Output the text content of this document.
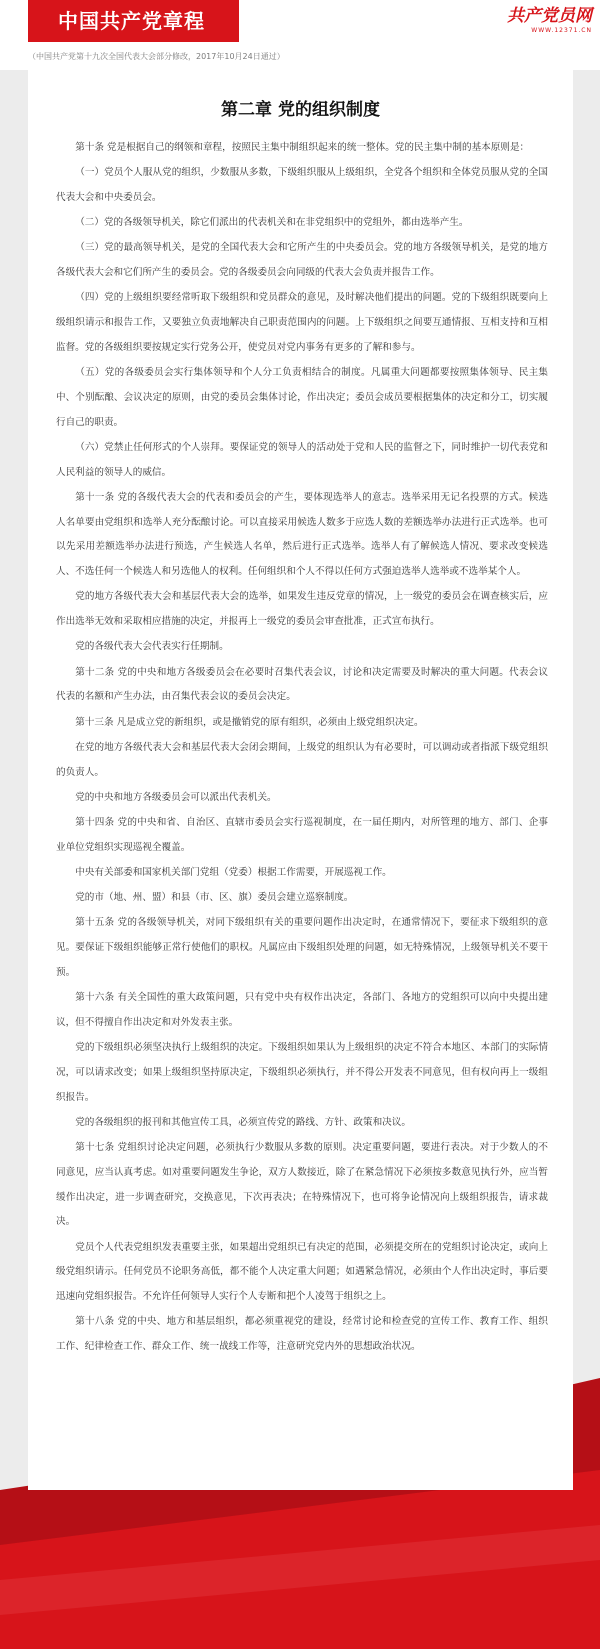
中国共产党章程

（中国共产党第十九次全国代表大会部分修改，2017年10月24日通过）

共产党员网
WWW.12371.CN
第二章 党的组织制度

第十条 党是根据自己的纲领和章程，按照民主集中制组织起来的统一整体。党的民主集中制的基本原则是：

（一）党员个人服从党的组织，少数服从多数，下级组织服从上级组织，全党各个组织和全体党员服从党的全国代表大会和中央委员会。

（二）党的各级领导机关，除它们派出的代表机关和在非党组织中的党组外，都由选举产生。

（三）党的最高领导机关，是党的全国代表大会和它所产生的中央委员会。党的地方各级领导机关，是党的地方各级代表大会和它们所产生的委员会。党的各级委员会向同级的代表大会负责并报告工作。

（四）党的上级组织要经常听取下级组织和党员群众的意见，及时解决他们提出的问题。党的下级组织既要向上级组织请示和报告工作，又要独立负责地解决自己职责范围内的问题。上下级组织之间要互通情报、互相支持和互相监督。党的各级组织要按规定实行党务公开，使党员对党内事务有更多的了解和参与。

（五）党的各级委员会实行集体领导和个人分工负责相结合的制度。凡属重大问题都要按照集体领导、民主集中、个别酝酿、会议决定的原则，由党的委员会集体讨论，作出决定；委员会成员要根据集体的决定和分工，切实履行自己的职责。

（六）党禁止任何形式的个人崇拜。要保证党的领导人的活动处于党和人民的监督之下，同时维护一切代表党和人民利益的领导人的威信。

第十一条 党的各级代表大会的代表和委员会的产生，要体现选举人的意志。选举采用无记名投票的方式。候选人名单要由党组织和选举人充分酝酿讨论。可以直接采用候选人数多于应选人数的差额选举办法进行正式选举。也可以先采用差额选举办法进行预选，产生候选人名单，然后进行正式选举。选举人有了解候选人情况、要求改变候选人、不选任何一个候选人和另选他人的权利。任何组织和个人不得以任何方式强迫选举人选举或不选举某个人。

党的地方各级代表大会和基层代表大会的选举，如果发生违反党章的情况，上一级党的委员会在调查核实后，应作出选举无效和采取相应措施的决定，并报再上一级党的委员会审查批准，正式宣布执行。

党的各级代表大会代表实行任期制。

第十二条 党的中央和地方各级委员会在必要时召集代表会议，讨论和决定需要及时解决的重大问题。代表会议代表的名额和产生办法，由召集代表会议的委员会决定。

第十三条 凡是成立党的新组织，或是撤销党的原有组织，必须由上级党组织决定。

在党的地方各级代表大会和基层代表大会闭会期间，上级党的组织认为有必要时，可以调动或者指派下级党组织的负责人。

党的中央和地方各级委员会可以派出代表机关。

第十四条 党的中央和省、自治区、直辖市委员会实行巡视制度，在一届任期内，对所管理的地方、部门、企事业单位党组织实现巡视全覆盖。

中央有关部委和国家机关部门党组（党委）根据工作需要，开展巡视工作。

党的市（地、州、盟）和县（市、区、旗）委员会建立巡察制度。

第十五条 党的各级领导机关，对同下级组织有关的重要问题作出决定时，在通常情况下，要征求下级组织的意见。要保证下级组织能够正常行使他们的职权。凡属应由下级组织处理的问题，如无特殊情况，上级领导机关不要干预。

第十六条 有关全国性的重大政策问题，只有党中央有权作出决定，各部门、各地方的党组织可以向中央提出建议，但不得擅自作出决定和对外发表主张。

党的下级组织必须坚决执行上级组织的决定。下级组织如果认为上级组织的决定不符合本地区、本部门的实际情况，可以请求改变；如果上级组织坚持原决定，下级组织必须执行，并不得公开发表不同意见，但有权向再上一级组织报告。

党的各级组织的报刊和其他宣传工具，必须宣传党的路线、方针、政策和决议。

第十七条 党组织讨论决定问题，必须执行少数服从多数的原则。决定重要问题，要进行表决。对于少数人的不同意见，应当认真考虑。如对重要问题发生争论，双方人数接近，除了在紧急情况下必须按多数意见执行外，应当暂缓作出决定，进一步调查研究，交换意见，下次再表决；在特殊情况下，也可将争论情况向上级组织报告，请求裁决。

党员个人代表党组织发表重要主张，如果超出党组织已有决定的范围，必须提交所在的党组织讨论决定，或向上级党组织请示。任何党员不论职务高低，都不能个人决定重大问题；如遇紧急情况，必须由个人作出决定时，事后要迅速向党组织报告。不允许任何领导人实行个人专断和把个人凌驾于组织之上。

第十八条 党的中央、地方和基层组织，都必须重视党的建设，经常讨论和检查党的宣传工作、教育工作、组织工作、纪律检查工作、群众工作、统一战线工作等，注意研究党内外的思想政治状况。
